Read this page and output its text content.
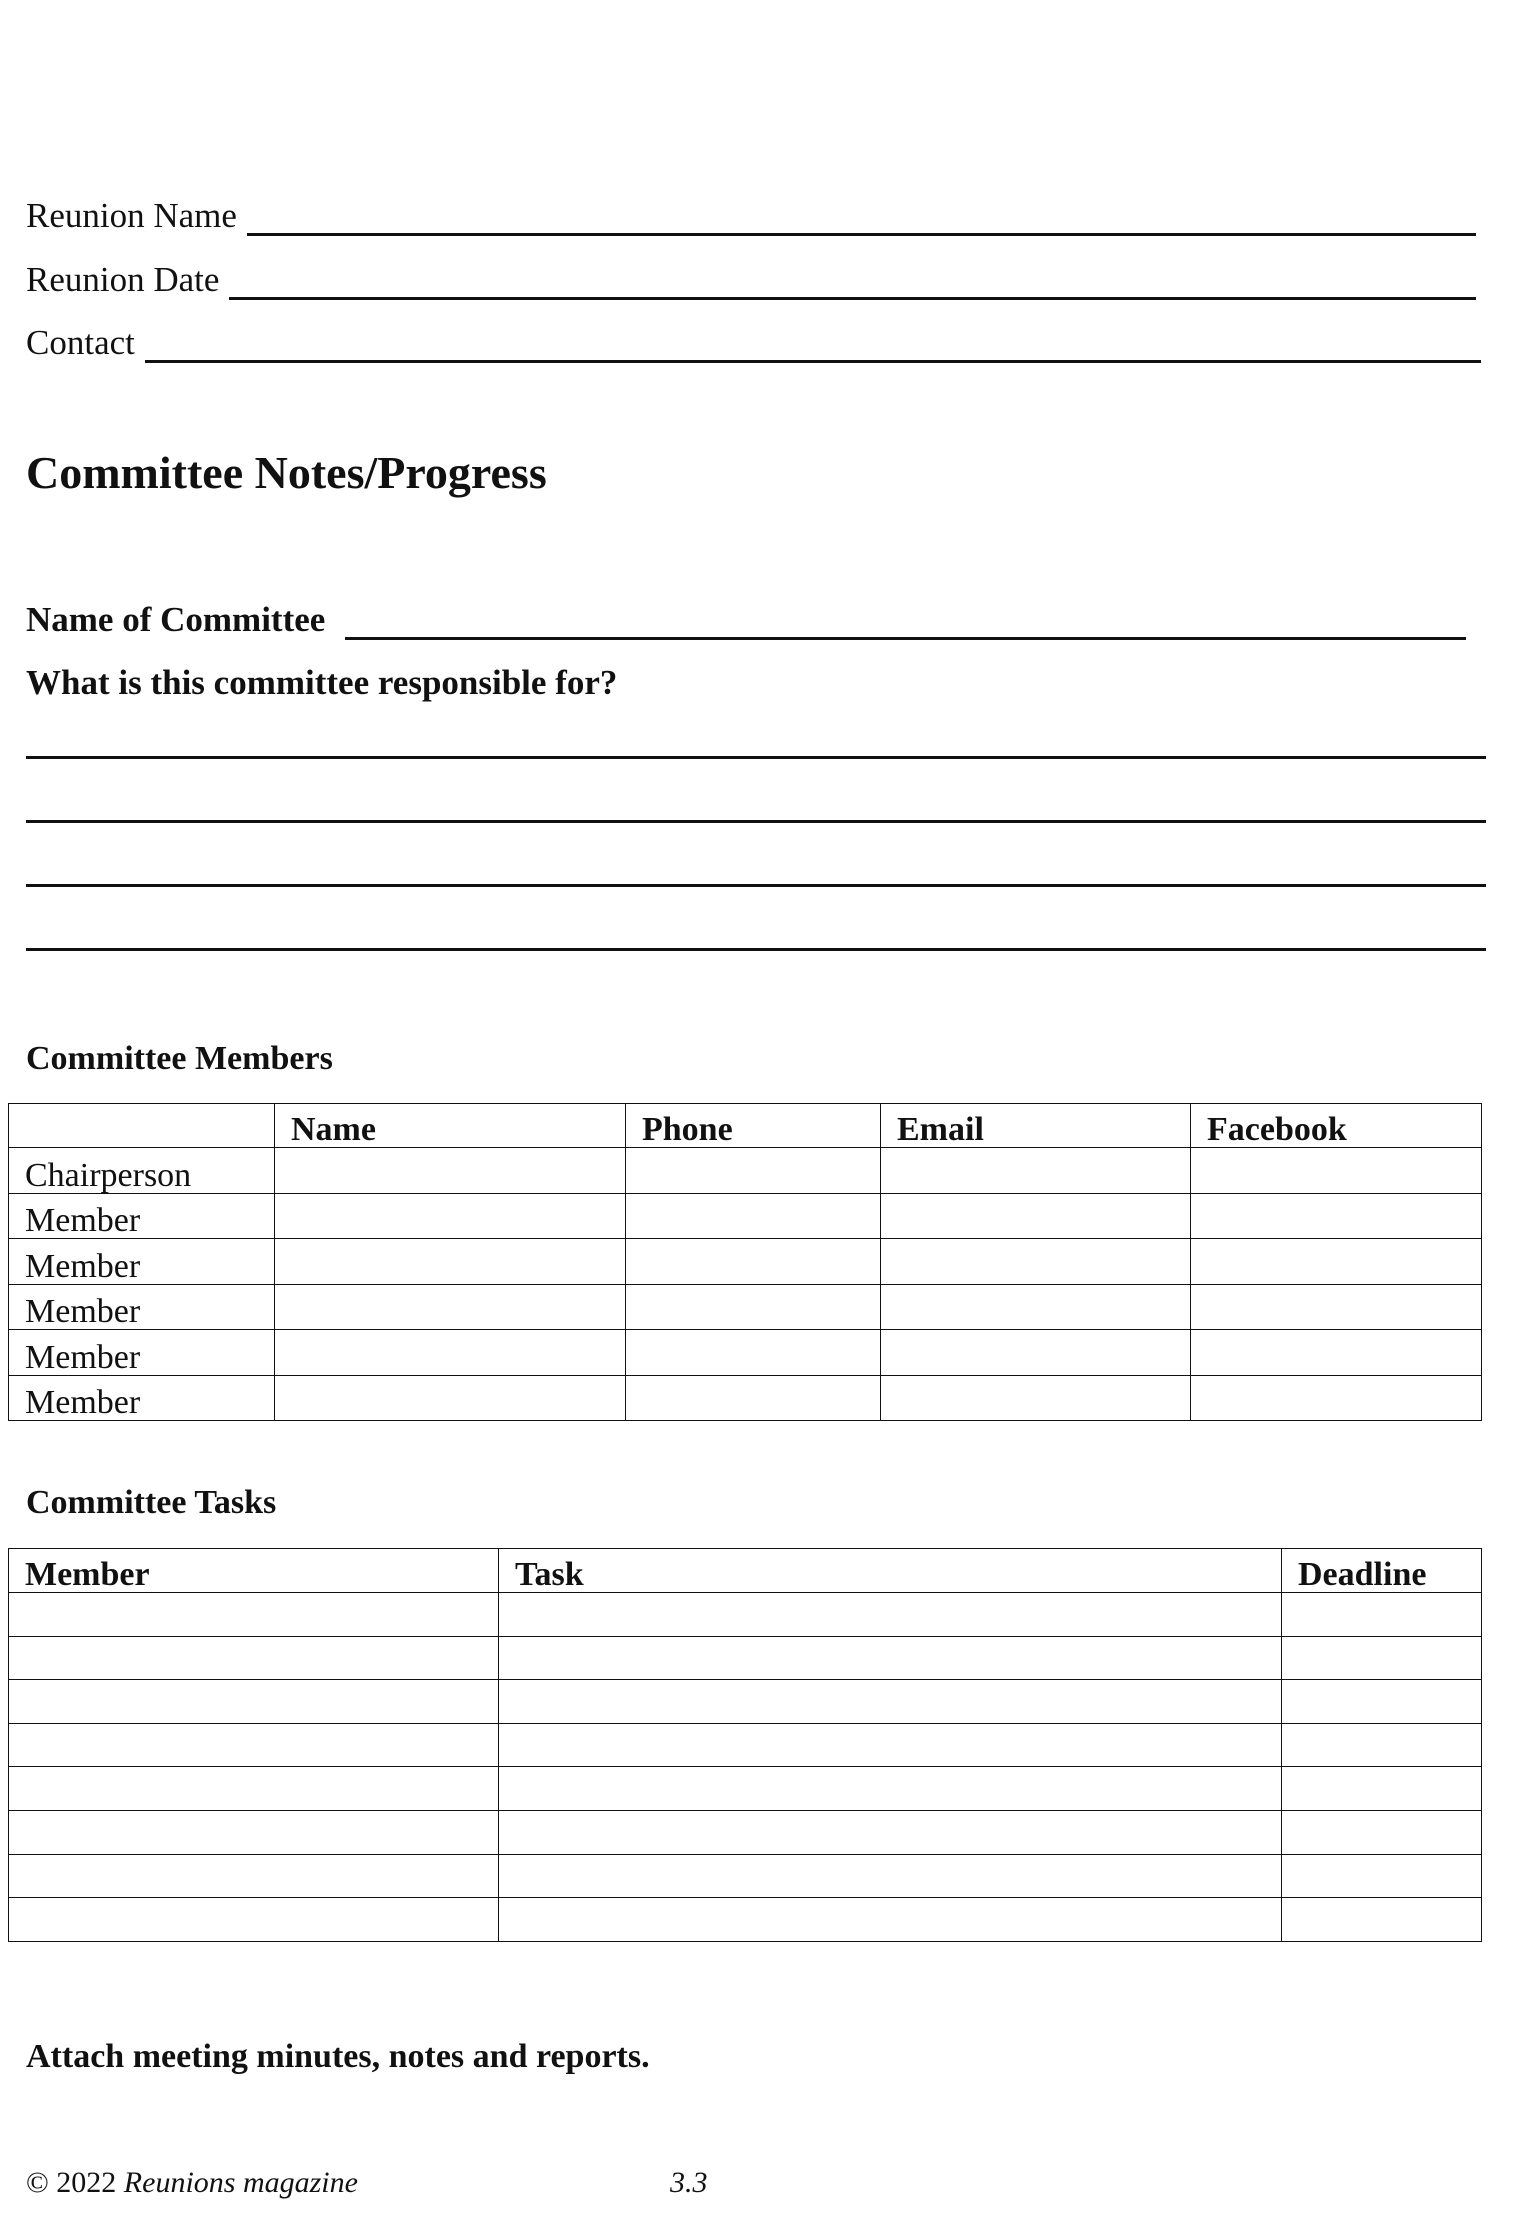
Reunion Name
Reunion Date
Contact
Committee Notes/Progress
Name of Committee
What is this committee responsible for?
Committee Members
	Name	Phone	Email	Facebook
Chairperson				
Member				
Member				
Member				
Member				
Member				
Committee Tasks
Member	Task	Deadline

Attach meeting minutes, notes and reports.
© 2022 Reunions magazine	3.3
